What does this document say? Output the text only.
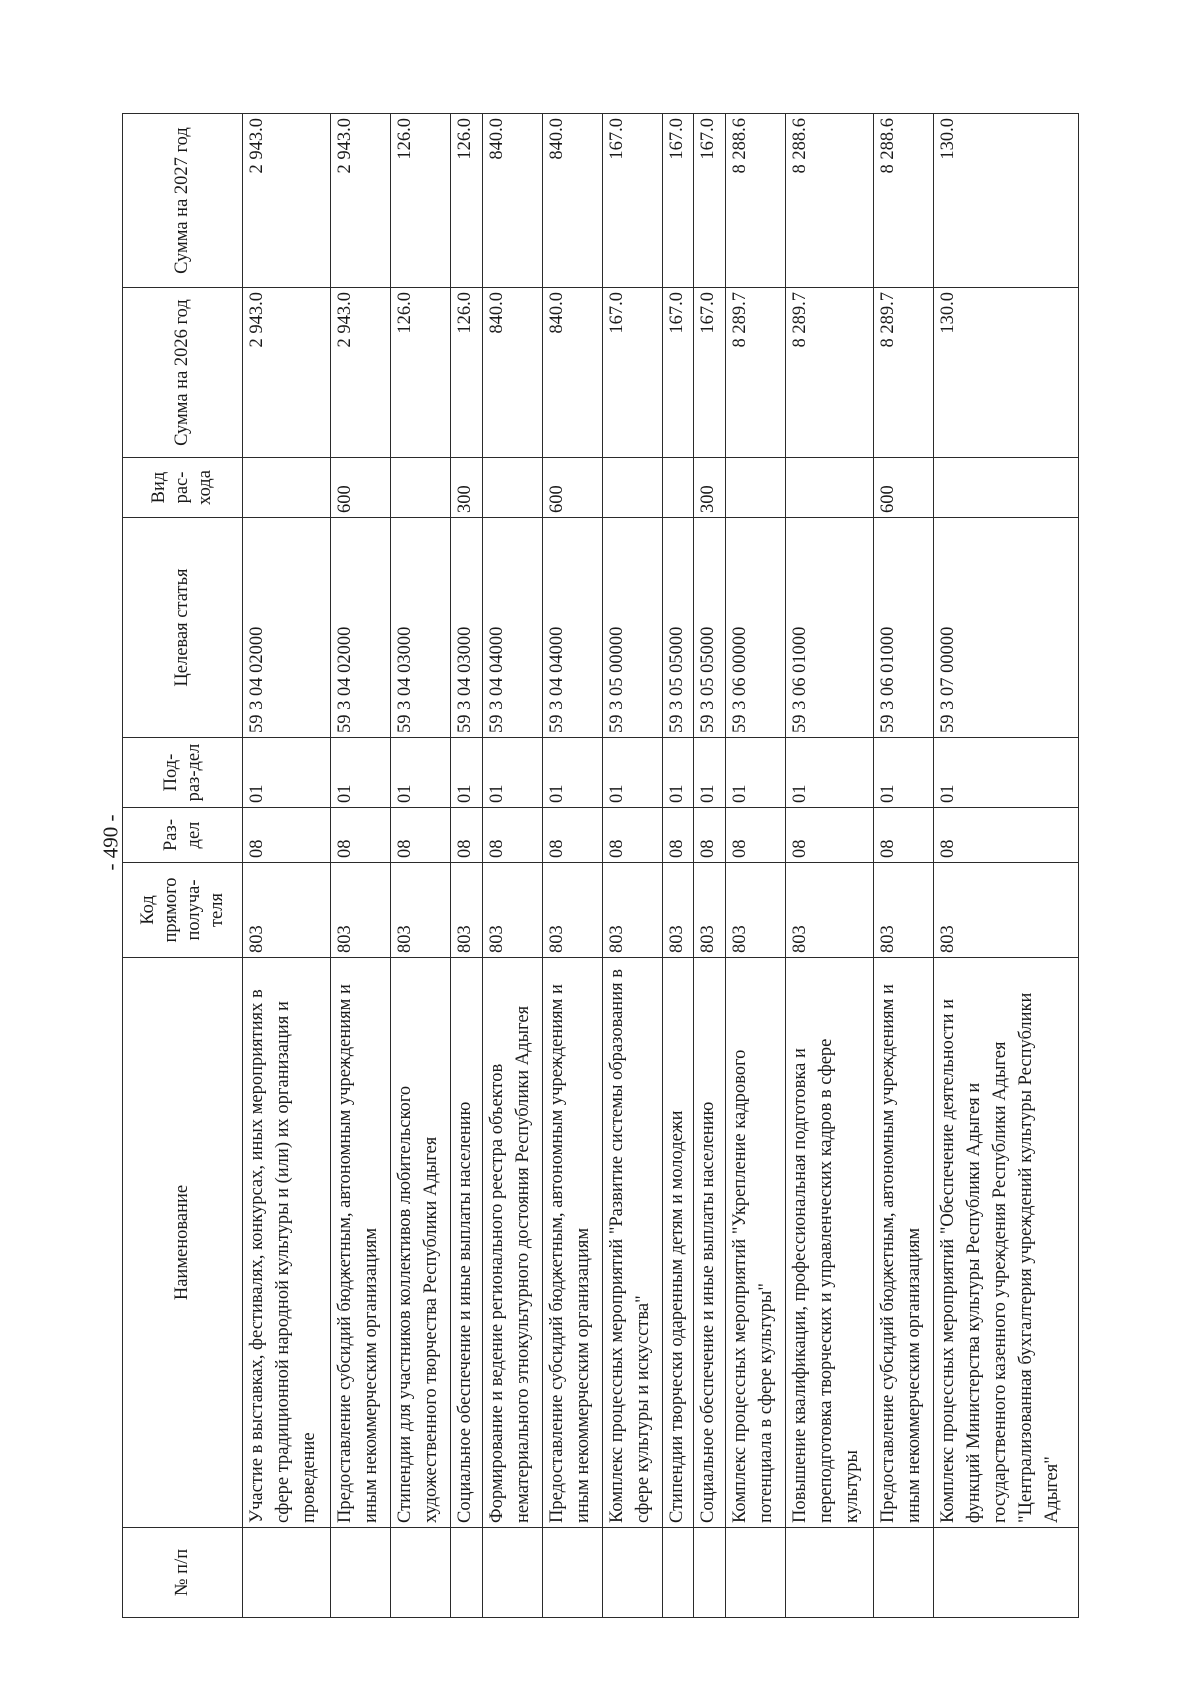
- 490 -
№ п/п	Наименование	Код прямого получа-теля	Раз-дел	Под-раз-дел	Целевая статья	Вид рас-хода	Сумма на 2026 год	Сумма на 2027 год
	Участие в выставках, фестивалях, конкурсах, иных мероприятиях в сфере традиционной народной культуры и (или) их организация и проведение	803	08	01	59 3 04 02000		2 943.0	2 943.0
	Предоставление субсидий бюджетным, автономным учреждениям и иным некоммерческим организациям	803	08	01	59 3 04 02000	600	2 943.0	2 943.0
	Стипендии для участников коллективов любительского художественного творчества Республики Адыгея	803	08	01	59 3 04 03000		126.0	126.0
	Социальное обеспечение и иные выплаты населению	803	08	01	59 3 04 03000	300	126.0	126.0
	Формирование и ведение регионального реестра объектов нематериального этнокультурного достояния Республики Адыгея	803	08	01	59 3 04 04000		840.0	840.0
	Предоставление субсидий бюджетным, автономным учреждениям и иным некоммерческим организациям	803	08	01	59 3 04 04000	600	840.0	840.0
	Комплекс процессных мероприятий "Развитие системы образования в сфере культуры и искусства"	803	08	01	59 3 05 00000		167.0	167.0
	Стипендии творчески одаренным детям и молодежи	803	08	01	59 3 05 05000		167.0	167.0
	Социальное обеспечение и иные выплаты населению	803	08	01	59 3 05 05000	300	167.0	167.0
	Комплекс процессных мероприятий "Укрепление кадрового потенциала в сфере культуры"	803	08	01	59 3 06 00000		8 289.7	8 288.6
	Повышение квалификации, профессиональная подготовка и переподготовка творческих и управленческих кадров в сфере культуры	803	08	01	59 3 06 01000		8 289.7	8 288.6
	Предоставление субсидий бюджетным, автономным учреждениям и иным некоммерческим организациям	803	08	01	59 3 06 01000	600	8 289.7	8 288.6
	Комплекс процессных мероприятий "Обеспечение деятельности и функций Министерства культуры Республики Адыгея и государственного казенного учреждения Республики Адыгея "Централизованная бухгалтерия учреждений культуры Республики Адыгея"	803	08	01	59 3 07 00000		130.0	130.0
